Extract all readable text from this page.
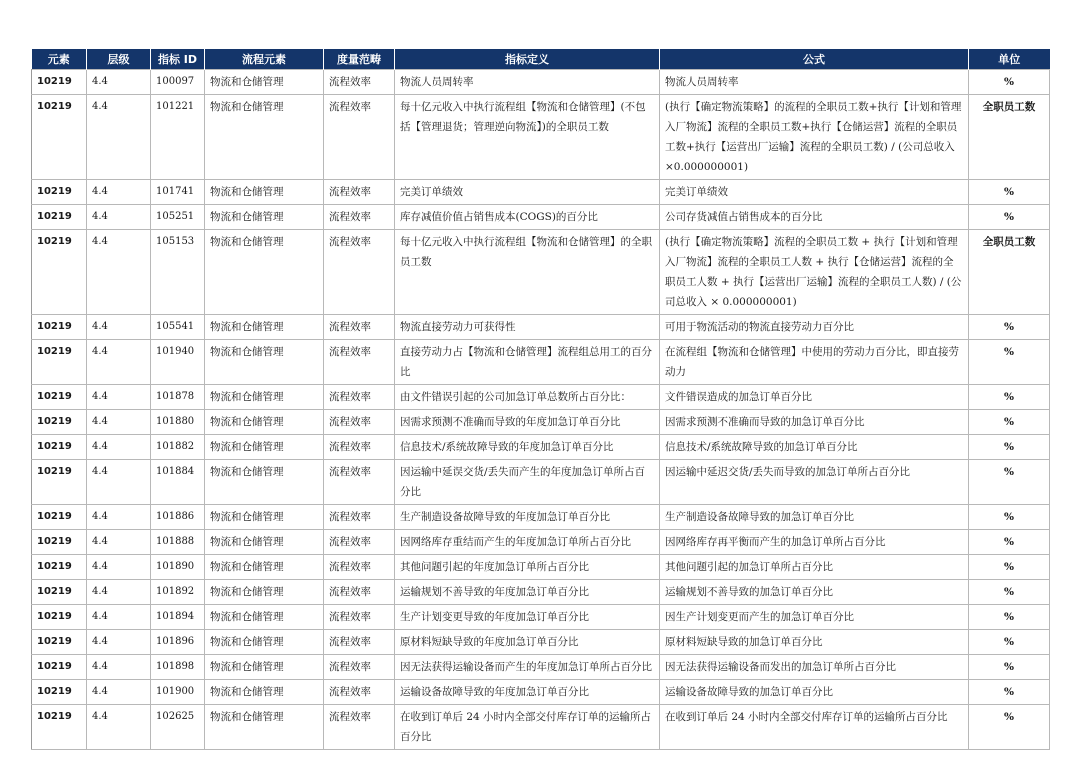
元素	层级	指标 ID	流程元素	度量范畴	指标定义	公式	单位
10219	4.4	100097	物流和仓储管理	流程效率	物流人员周转率	物流人员周转率	%
10219	4.4	101221	物流和仓储管理	流程效率	每十亿元收入中执行流程组【物流和仓储管理】(不包括【管理退货；管理逆向物流】)的全职员工数	(执行【确定物流策略】的流程的全职员工数+执行【计划和管理入厂物流】流程的全职员工数+执行【仓储运营】流程的全职员工数+执行【运营出厂运输】流程的全职员工数) / (公司总收入×0.000000001)	全职员工数
10219	4.4	101741	物流和仓储管理	流程效率	完美订单绩效	完美订单绩效	%
10219	4.4	105251	物流和仓储管理	流程效率	库存减值价值占销售成本(COGS)的百分比	公司存货减值占销售成本的百分比	%
10219	4.4	105153	物流和仓储管理	流程效率	每十亿元收入中执行流程组【物流和仓储管理】的全职员工数	(执行【确定物流策略】流程的全职员工数 + 执行【计划和管理入厂物流】流程的全职员工人数 + 执行【仓储运营】流程的全职员工人数 + 执行【运营出厂运输】流程的全职员工人数) / (公司总收入 × 0.000000001)	全职员工数
10219	4.4	105541	物流和仓储管理	流程效率	物流直接劳动力可获得性	可用于物流活动的物流直接劳动力百分比	%
10219	4.4	101940	物流和仓储管理	流程效率	直接劳动力占【物流和仓储管理】流程组总用工的百分比	在流程组【物流和仓储管理】中使用的劳动力百分比，即直接劳动力	%
10219	4.4	101878	物流和仓储管理	流程效率	由文件错误引起的公司加急订单总数所占百分比：	文件错误造成的加急订单百分比	%
10219	4.4	101880	物流和仓储管理	流程效率	因需求预测不准确而导致的年度加急订单百分比	因需求预测不准确而导致的加急订单百分比	%
10219	4.4	101882	物流和仓储管理	流程效率	信息技术/系统故障导致的年度加急订单百分比	信息技术/系统故障导致的加急订单百分比	%
10219	4.4	101884	物流和仓储管理	流程效率	因运输中延误交货/丢失而产生的年度加急订单所占百分比	因运输中延迟交货/丢失而导致的加急订单所占百分比	%
10219	4.4	101886	物流和仓储管理	流程效率	生产制造设备故障导致的年度加急订单百分比	生产制造设备故障导致的加急订单百分比	%
10219	4.4	101888	物流和仓储管理	流程效率	因网络库存重结而产生的年度加急订单所占百分比	因网络库存再平衡而产生的加急订单所占百分比	%
10219	4.4	101890	物流和仓储管理	流程效率	其他问题引起的年度加急订单所占百分比	其他问题引起的加急订单所占百分比	%
10219	4.4	101892	物流和仓储管理	流程效率	运输规划不善导致的年度加急订单百分比	运输规划不善导致的加急订单百分比	%
10219	4.4	101894	物流和仓储管理	流程效率	生产计划变更导致的年度加急订单百分比	因生产计划变更而产生的加急订单百分比	%
10219	4.4	101896	物流和仓储管理	流程效率	原材料短缺导致的年度加急订单百分比	原材料短缺导致的加急订单百分比	%
10219	4.4	101898	物流和仓储管理	流程效率	因无法获得运输设备而产生的年度加急订单所占百分比	因无法获得运输设备而发出的加急订单所占百分比	%
10219	4.4	101900	物流和仓储管理	流程效率	运输设备故障导致的年度加急订单百分比	运输设备故障导致的加急订单百分比	%
10219	4.4	102625	物流和仓储管理	流程效率	在收到订单后 24 小时内全部交付库存订单的运输所占百分比	在收到订单后 24 小时内全部交付库存订单的运输所占百分比	%
